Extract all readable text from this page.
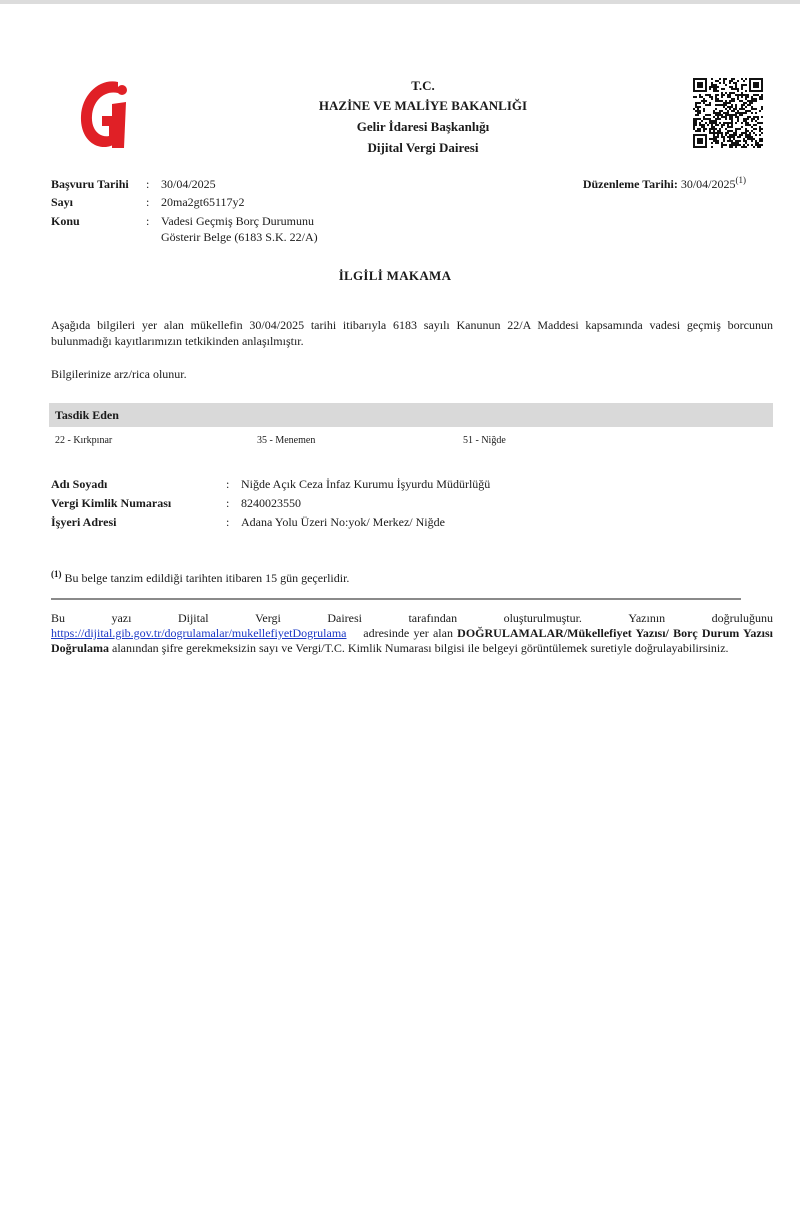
T.C.
HAZİNE VE MALİYE BAKANLIĞI
Gelir İdaresi Başkanlığı
Dijital Vergi Dairesi
Başvuru Tarihi : 30/04/2025
Sayı	: 20ma2gt65117y2
Konu	: Vadesi Geçmiş Borç Durumunu
Gösterir Belge (6183 S.K. 22/A)
Düzenleme Tarihi: 30/04/2025$^{(1)}$
İLGİLİ MAKAMA
Aşağıda bilgileri yer alan mükellefin 30/04/2025 tarihi itibarıyla 6183 sayılı Kanunun 22/A Maddesi kapsamında vadesi geçmiş borcunun bulunmadığı kayıtlarımızın tetkikinden anlaşılmıştır.
Bilgilerinize arz/rica olunur.
Tasdik Eden
22 - Kırkpınar	35 - Menemen	51 - Niğde
Adı Soyadı	: Niğde Açık Ceza İnfaz Kurumu İşyurdu Müdürlüğü
Vergi Kimlik Numarası	: 8240023550
İşyeri Adresi	: Adana Yolu Üzeri No:yok/ Merkez/ Niğde
$^{(1)}$ Bu belge tanzim edildiği tarihten itibaren 15 gün geçerlidir.
Bu	yazı	Dijital	Vergi	Dairesi	tarafından	oluşturulmuştur.	Yazının	doğruluğunu
https://dijital.gib.gov.tr/dogrulamalar/mukellefiyetDogrulama adresinde yer alan DOĞRULAMALAR/Mükellefiyet Yazısı/ Borç Durum Yazısı Doğrulama alanından şifre gerekmeksizin sayı ve Vergi/T.C. Kimlik Numarası bilgisi ile belgeyi görüntülemek suretiyle doğrulayabilirsiniz.
